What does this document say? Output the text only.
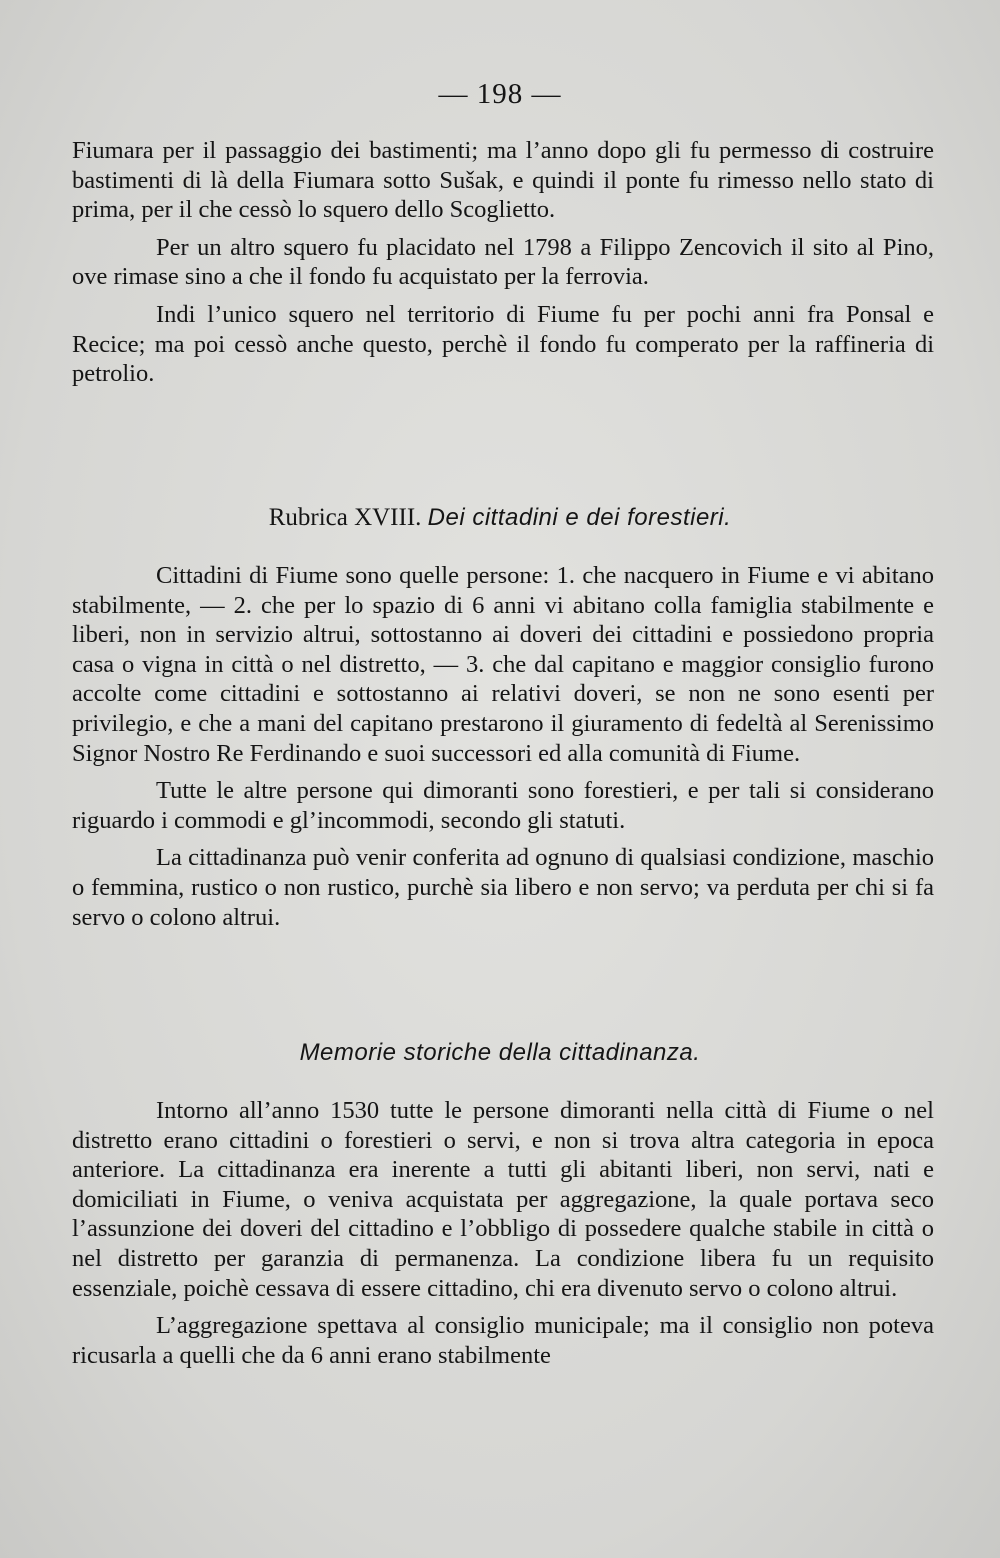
— 198 —

Fiumara per il passaggio dei bastimenti; ma l’anno dopo gli fu permesso di costruire bastimenti di là della Fiumara sotto Sušak, e quindi il ponte fu rimesso nello stato di prima, per il che cessò lo squero dello Scoglietto.

Per un altro squero fu placidato nel 1798 a Filippo Zencovich il sito al Pino, ove rimase sino a che il fondo fu acquistato per la ferrovia.

Indi l’unico squero nel territorio di Fiume fu per pochi anni fra Ponsal e Recice; ma poi cessò anche questo, perchè il fondo fu comperato per la raffineria di petrolio.

Rubrica XVIII. Dei cittadini e dei forestieri.

Cittadini di Fiume sono quelle persone: 1. che nacquero in Fiume e vi abitano stabilmente, — 2. che per lo spazio di 6 anni vi abitano colla famiglia stabilmente e liberi, non in servizio altrui, sottostanno ai doveri dei cittadini e possiedono propria casa o vigna in città o nel distretto, — 3. che dal capitano e maggior consiglio furono accolte come cittadini e sottostanno ai relativi doveri, se non ne sono esenti per privilegio, e che a mani del capitano prestarono il giuramento di fedeltà al Serenissimo Signor Nostro Re Ferdinando e suoi successori ed alla comunità di Fiume.

Tutte le altre persone qui dimoranti sono forestieri, e per tali si considerano riguardo i commodi e gl’incommodi, secondo gli statuti.

La cittadinanza può venir conferita ad ognuno di qualsiasi condizione, maschio o femmina, rustico o non rustico, purchè sia libero e non servo; va perduta per chi si fa servo o colono altrui.

Memorie storiche della cittadinanza.

Intorno all’anno 1530 tutte le persone dimoranti nella città di Fiume o nel distretto erano cittadini o forestieri o servi, e non si trova altra categoria in epoca anteriore. La cittadinanza era inerente a tutti gli abitanti liberi, non servi, nati e domiciliati in Fiume, o veniva acquistata per aggregazione, la quale portava seco l’assunzione dei doveri del cittadino e l’obbligo di possedere qualche stabile in città o nel distretto per garanzia di permanenza. La condizione libera fu un requisito essenziale, poichè cessava di essere cittadino, chi era divenuto servo o colono altrui.

L’aggregazione spettava al consiglio municipale; ma il consiglio non poteva ricusarla a quelli che da 6 anni erano stabilmente
